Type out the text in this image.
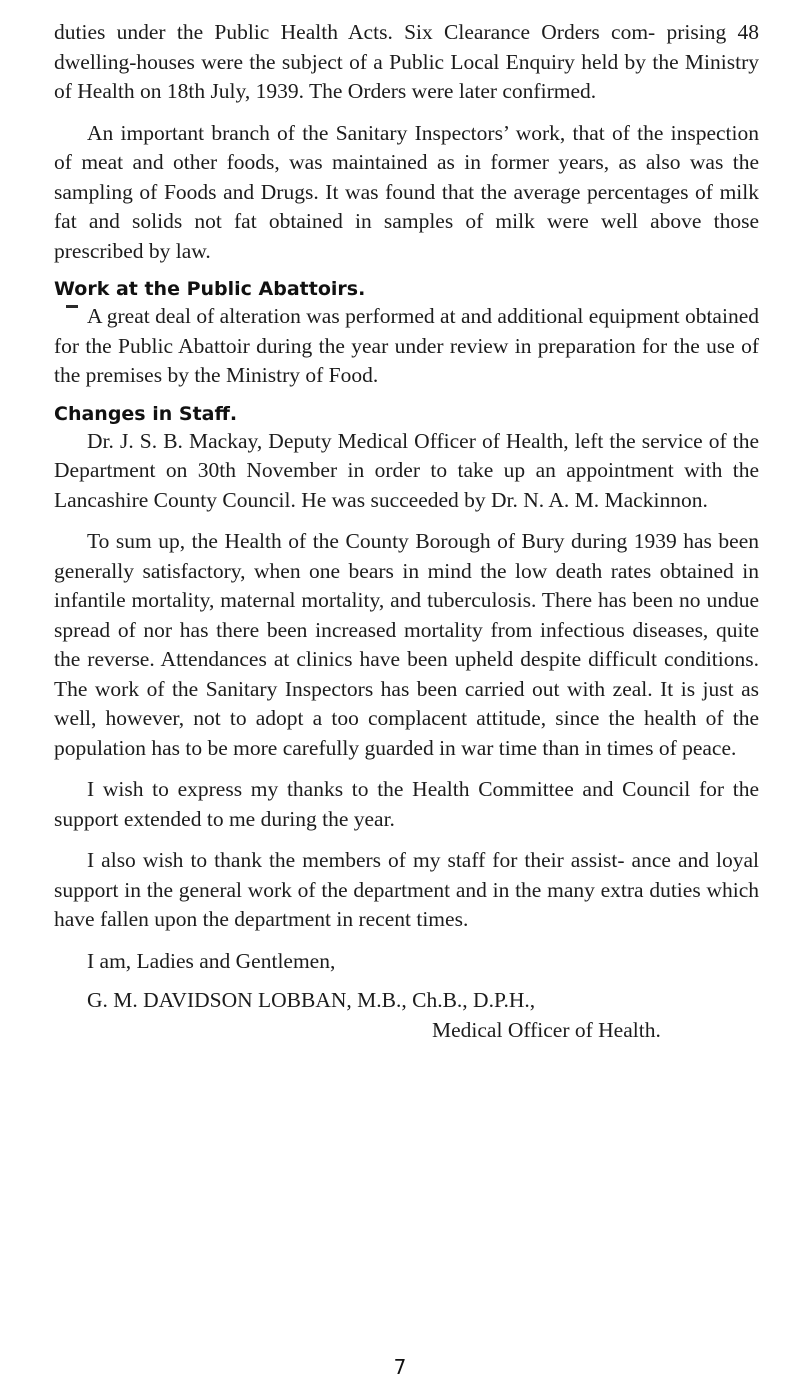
duties under the Public Health Acts. Six Clearance Orders com- prising 48 dwelling-houses were the subject of a Public Local Enquiry held by the Ministry of Health on 18th July, 1939. The Orders were later confirmed.

An important branch of the Sanitary Inspectors’ work, that of the inspection of meat and other foods, was maintained as in former years, as also was the sampling of Foods and Drugs. It was found that the average percentages of milk fat and solids not fat obtained in samples of milk were well above those prescribed by law.

Work at the Public Abattoirs.

A great deal of alteration was performed at and additional equipment obtained for the Public Abattoir during the year under review in preparation for the use of the premises by the Ministry of Food.

Changes in Staff.

Dr. J. S. B. Mackay, Deputy Medical Officer of Health, left the service of the Department on 30th November in order to take up an appointment with the Lancashire County Council. He was succeeded by Dr. N. A. M. Mackinnon.

To sum up, the Health of the County Borough of Bury during 1939 has been generally satisfactory, when one bears in mind the low death rates obtained in infantile mortality, maternal mortality, and tuberculosis. There has been no undue spread of nor has there been increased mortality from infectious diseases, quite the reverse. Attendances at clinics have been upheld despite difficult conditions. The work of the Sanitary Inspectors has been carried out with zeal. It is just as well, however, not to adopt a too complacent attitude, since the health of the population has to be more carefully guarded in war time than in times of peace.

I wish to express my thanks to the Health Committee and Council for the support extended to me during the year.

I also wish to thank the members of my staff for their assist- ance and loyal support in the general work of the department and in the many extra duties which have fallen upon the department in recent times.

I am, Ladies and Gentlemen,

G. M. DAVIDSON LOBBAN, M.B., Ch.B., D.P.H.,
Medical Officer of Health.
7
